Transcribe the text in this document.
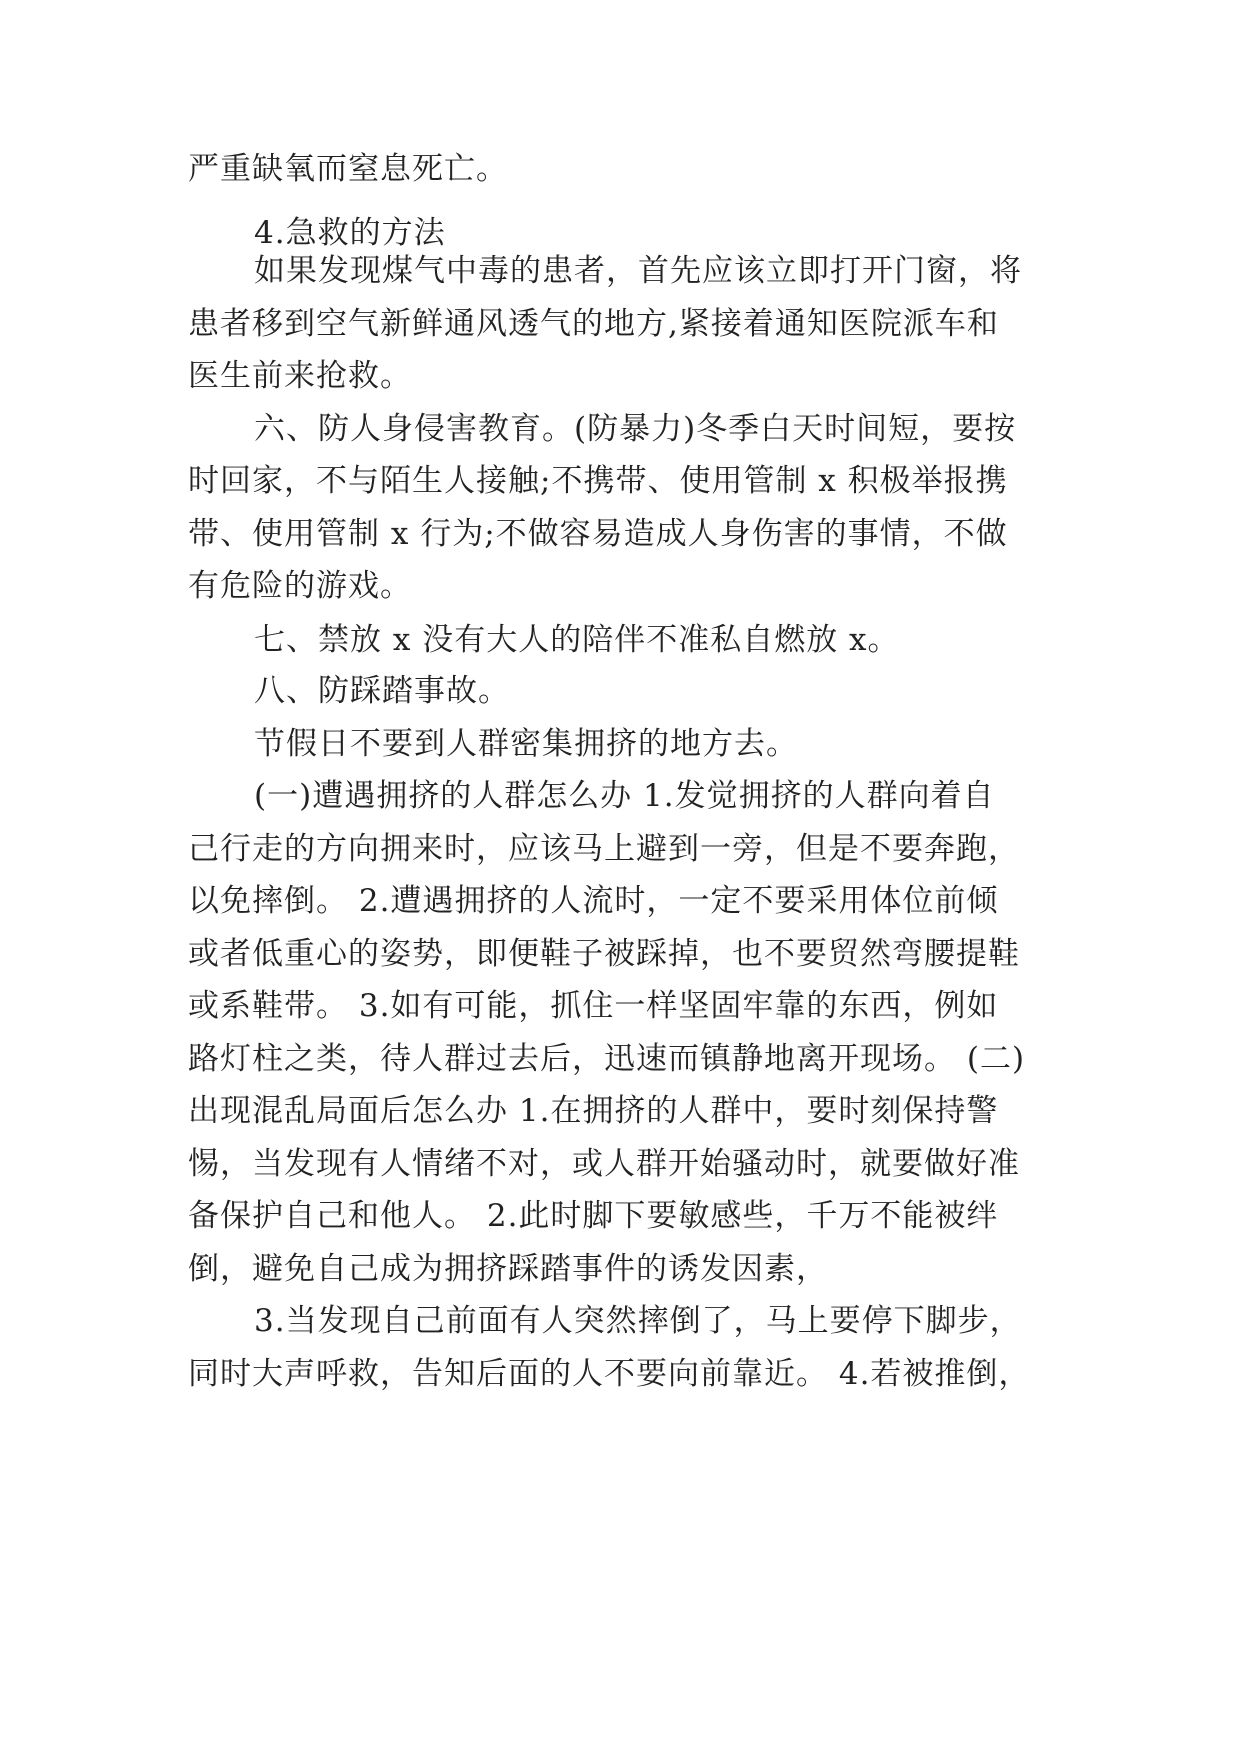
严重缺氧而窒息死亡。
4.急救的方法
如果发现煤气中毒的患者，首先应该立即打开门窗，将
患者移到空气新鲜通风透气的地方,紧接着通知医院派车和
医生前来抢救。
六、防人身侵害教育。(防暴力)冬季白天时间短，要按
时回家，不与陌生人接触;不携带、使用管制 x 积极举报携
带、使用管制 x 行为;不做容易造成人身伤害的事情，不做
有危险的游戏。
七、禁放 x 没有大人的陪伴不准私自燃放 x。
八、防踩踏事故。
节假日不要到人群密集拥挤的地方去。
(一)遭遇拥挤的人群怎么办 1.发觉拥挤的人群向着自
己行走的方向拥来时，应该马上避到一旁，但是不要奔跑，
以免摔倒。 2.遭遇拥挤的人流时，一定不要采用体位前倾
或者低重心的姿势，即便鞋子被踩掉，也不要贸然弯腰提鞋
或系鞋带。 3.如有可能，抓住一样坚固牢靠的东西，例如
路灯柱之类，待人群过去后，迅速而镇静地离开现场。 (二)
出现混乱局面后怎么办 1.在拥挤的人群中，要时刻保持警
惕，当发现有人情绪不对，或人群开始骚动时，就要做好准
备保护自己和他人。 2.此时脚下要敏感些，千万不能被绊
倒，避免自己成为拥挤踩踏事件的诱发因素，
3.当发现自己前面有人突然摔倒了，马上要停下脚步，
同时大声呼救，告知后面的人不要向前靠近。 4.若被推倒，
